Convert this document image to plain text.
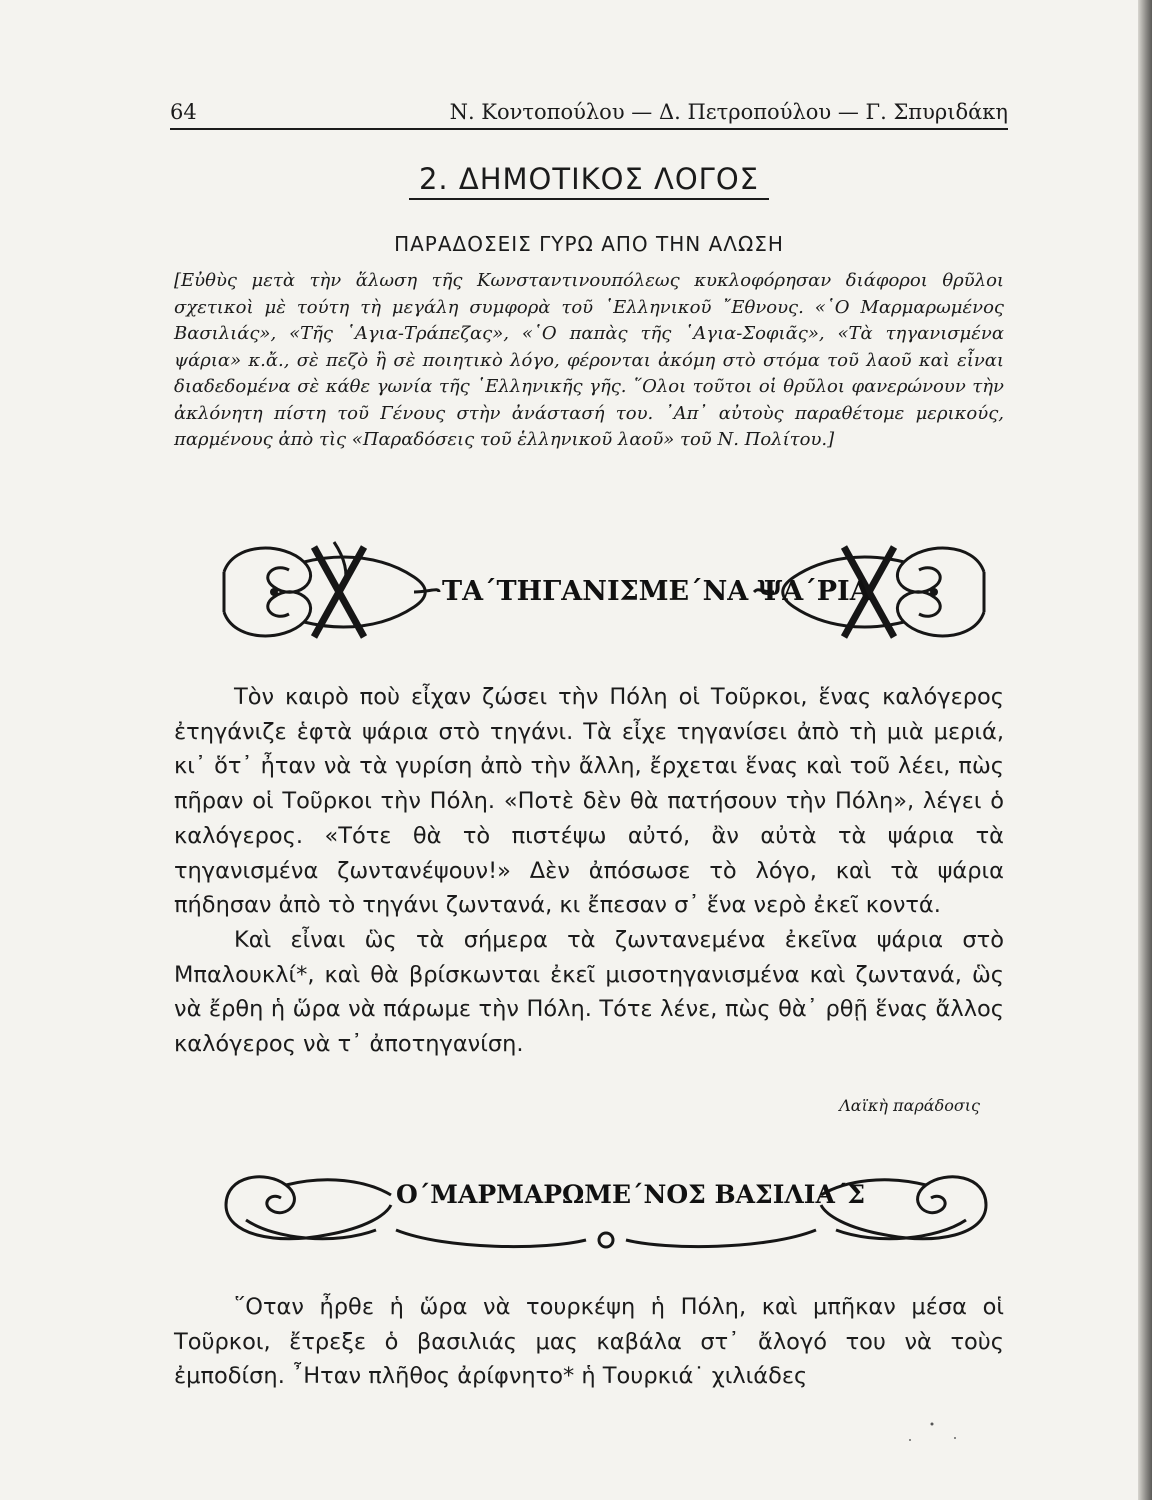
64	Ν. Κοντοπούλου — Δ. Πετροπούλου — Γ. Σπυριδάκη
2. ΔΗΜΟΤΙΚΟΣ ΛΟΓΟΣ
ΠΑΡΑΔΟΣΕΙΣ ΓΥΡΩ ΑΠΟ ΤΗΝ ΑΛΩΣΗ

[Εὐθὺς μετὰ τὴν ἅλωση τῆς Κωνσταντινουπόλεως κυκλοφόρησαν διάφοροι θρῦλοι σχετικοὶ μὲ τούτη τὴ μεγάλη συμφορὰ τοῦ ῾Ελληνικοῦ ῎Εθνους. «῾Ο Μαρμαρωμένος Βασιλιάς», «Τῆς ῾Αγια-Τράπεζας», «῾Ο παπὰς τῆς ῾Αγια-Σοφιᾶς», «Τὰ τηγανισμένα ψάρια» κ.ἄ., σὲ πεζὸ ἢ σὲ ποιητικὸ λόγο, φέρονται ἀκόμη στὸ στόμα τοῦ λαοῦ καὶ εἶναι διαδεδομένα σὲ κάθε γωνία τῆς ῾Ελληνικῆς γῆς. ῞Ολοι τοῦτοι οἱ θρῦλοι φανερώνουν τὴν ἀκλόνητη πίστη τοῦ Γένους στὴν ἀνάστασή του. ᾿Απ᾿ αὐτοὺς παραθέτομε μερικούς, παρμένους ἀπὸ τὶς «Παραδόσεις τοῦ ἑλληνικοῦ λαοῦ» τοῦ Ν. Πολίτου.]

ΤΑ΄ΤΗΓΑΝΙΣΜΕ΄ΝΑ ΨΑ΄ΡΙΑ

Τὸν καιρὸ ποὺ εἶχαν ζώσει τὴν Πόλη οἱ Τοῦρκοι, ἕνας καλόγερος ἐτηγάνιζε ἑφτὰ ψάρια στὸ τηγάνι. Τὰ εἶχε τηγανίσει ἀπὸ τὴ μιὰ μεριά, κι᾿ ὅτ᾿ ἦταν νὰ τὰ γυρίση ἀπὸ τὴν ἄλλη, ἔρχεται ἕνας καὶ τοῦ λέει, πὼς πῆραν οἱ Τοῦρκοι τὴν Πόλη. «Ποτὲ δὲν θὰ πατήσουν τὴν Πόλη», λέγει ὁ καλόγερος. «Τότε θὰ τὸ πιστέψω αὐτό, ἂν αὐτὰ τὰ ψάρια τὰ τηγανισμένα ζωντανέψουν!» Δὲν ἀπόσωσε τὸ λόγο, καὶ τὰ ψάρια πήδησαν ἀπὸ τὸ τηγάνι ζωντανά, κι ἔπεσαν σ᾿ ἕνα νερὸ ἐκεῖ κοντά.

Καὶ εἶναι ὣς τὰ σήμερα τὰ ζωντανεμένα ἐκεῖνα ψάρια στὸ Μπαλουκλί*, καὶ θὰ βρίσκωνται ἐκεῖ μισοτηγανισμένα καὶ ζωντανά, ὣς νὰ ἔρθη ἡ ὥρα νὰ πάρωμε τὴν Πόλη. Τότε λένε, πὼς θὰ᾿ ρθῇ ἕνας ἄλλος καλόγερος νὰ τ᾿ ἀποτηγανίση.

Λαϊκὴ παράδοσις
Ο΄ΜΑΡΜΑΡΩΜΕ΄ΝΟΣ ΒΑΣΙΛΙΑ΄Σ

῞Οταν ἦρθε ἡ ὥρα νὰ τουρκέψη ἡ Πόλη, καὶ μπῆκαν μέσα οἱ Τοῦρκοι, ἔτρεξε ὁ βασιλιάς μας καβάλα στ᾿ ἄλογό του νὰ τοὺς ἐμποδίση. ῏Ηταν πλῆθος ἀρίφνητο* ἡ Τουρκιά˙ χιλιάδες
